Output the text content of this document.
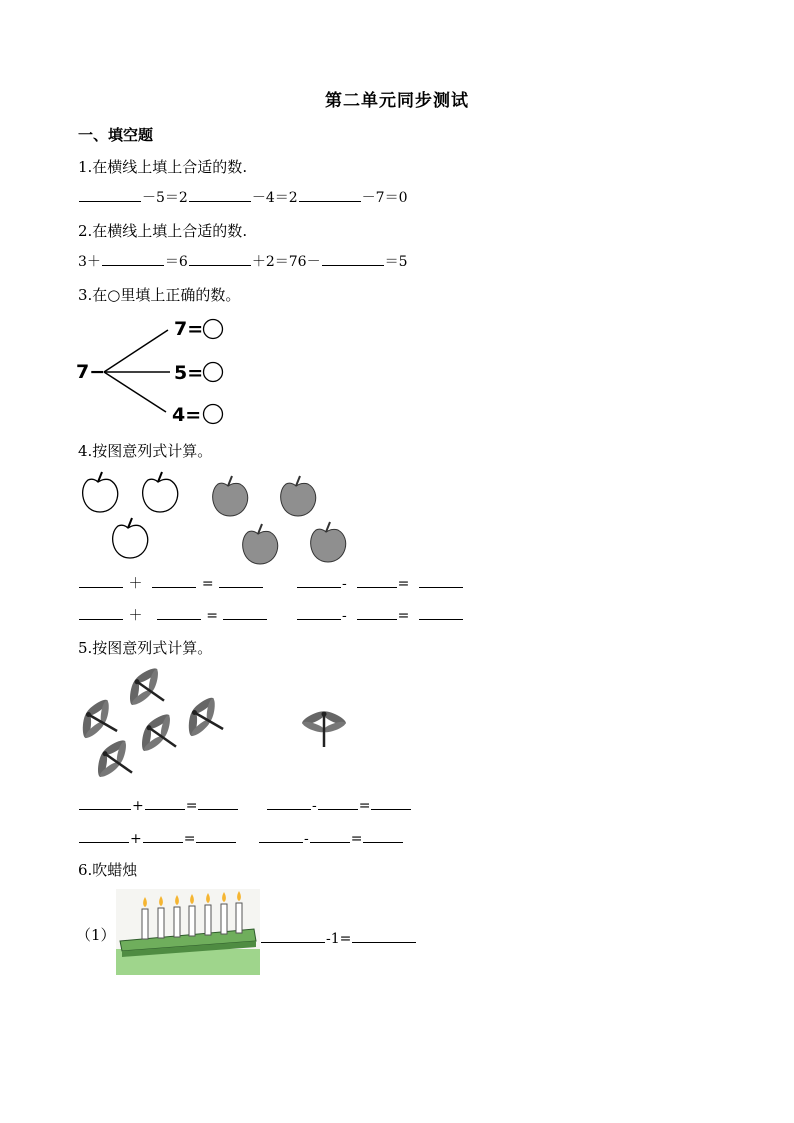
第二单元同步测试
一、填空题
1.在横线上填上合适的数.
－5＝2	－4＝2	－7＝0
2.在横线上填上合适的数.
3＋	＝6	＋2＝76－	＝5
3.在○里填上正确的数。
7−
7=
5=
4=
4.按图意列式计算。
＋	=	-	=
＋	=	-	=
5.按图意列式计算。
+	=	-	=
+	=	-	=
6.吹蜡烛
（1）	-1=
